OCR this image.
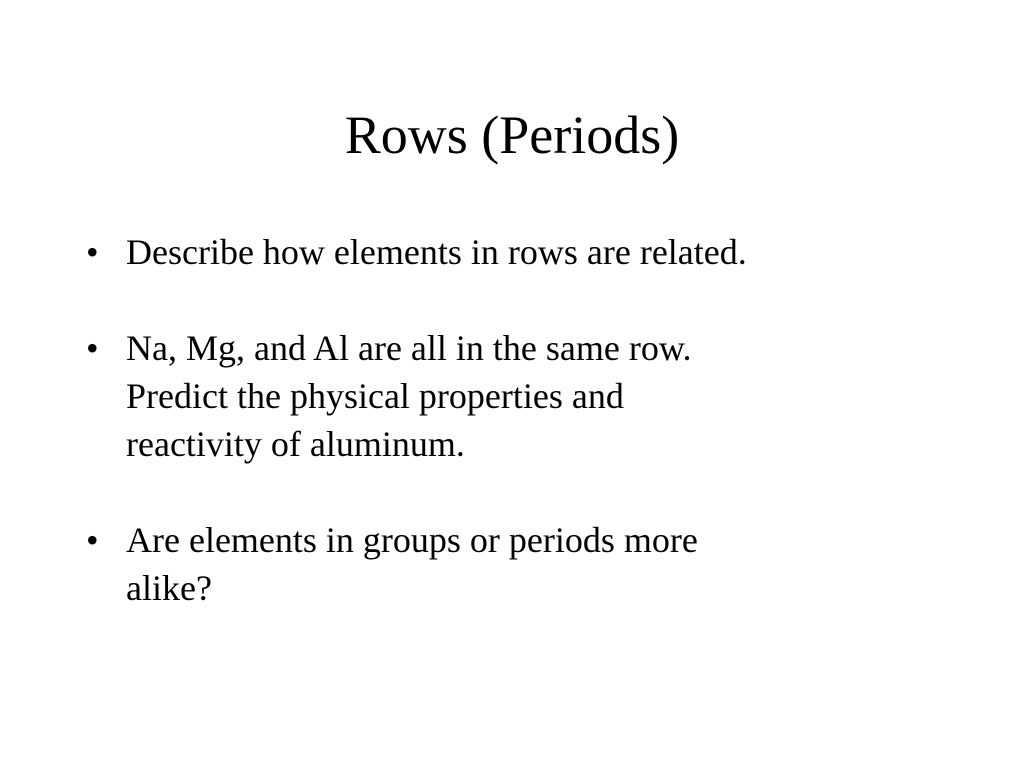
Rows (Periods)
• Describe how elements in rows are related.
• Na, Mg, and Al are all in the same row.
Predict the physical properties and
reactivity of aluminum.
• Are elements in groups or periods more
alike?
